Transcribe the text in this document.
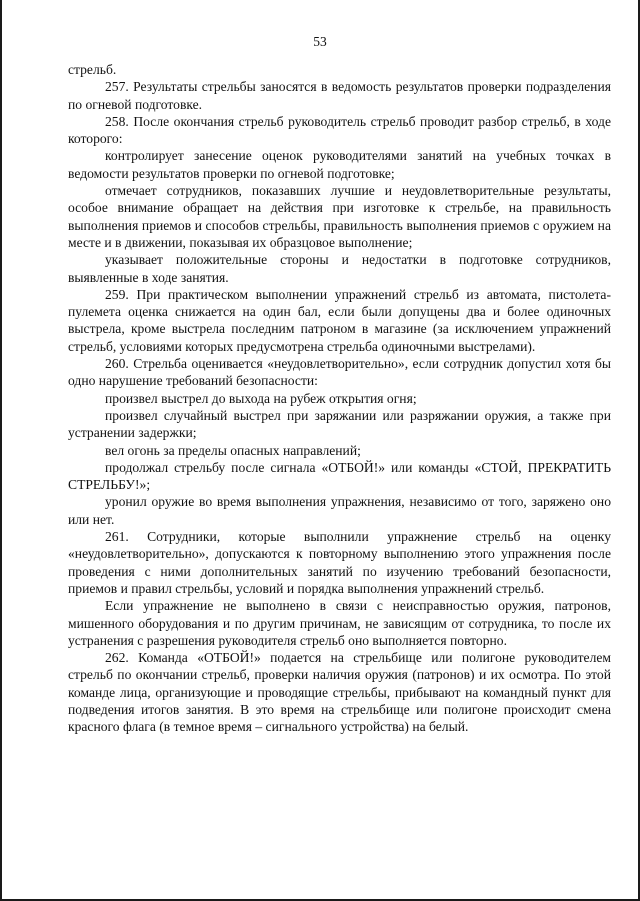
53

стрельб.

257. Результаты стрельбы заносятся в ведомость результатов проверки подразделения по огневой подготовке.

258. После окончания стрельб руководитель стрельб проводит разбор стрельб, в ходе которого:

контролирует занесение оценок руководителями занятий на учебных точках в ведомости результатов проверки по огневой подготовке;

отмечает сотрудников, показавших лучшие и неудовлетворительные результаты, особое внимание обращает на действия при изготовке к стрельбе, на правильность выполнения приемов и способов стрельбы, правильность выполнения приемов с оружием на месте и в движении, показывая их образцовое выполнение;

указывает положительные стороны и недостатки в подготовке сотрудников, выявленные в ходе занятия.

259. При практическом выполнении упражнений стрельб из автомата, пистолета-пулемета оценка снижается на один бал, если были допущены два и более одиночных выстрела, кроме выстрела последним патроном в магазине (за исключением упражнений стрельб, условиями которых предусмотрена стрельба одиночными выстрелами).

260. Стрельба оценивается «неудовлетворительно», если сотрудник допустил хотя бы одно нарушение требований безопасности:

произвел выстрел до выхода на рубеж открытия огня;

произвел случайный выстрел при заряжании или разряжании оружия, а также при устранении задержки;

вел огонь за пределы опасных направлений;

продолжал стрельбу после сигнала «ОТБОЙ!» или команды «СТОЙ, ПРЕКРАТИТЬ СТРЕЛЬБУ!»;

уронил оружие во время выполнения упражнения, независимо от того, заряжено оно или нет.

261. Сотрудники, которые выполнили упражнение стрельб на оценку «неудовлетворительно», допускаются к повторному выполнению этого упражнения после проведения с ними дополнительных занятий по изучению требований безопасности, приемов и правил стрельбы, условий и порядка выполнения упражнений стрельб.

Если упражнение не выполнено в связи с неисправностью оружия, патронов, мишенного оборудования и по другим причинам, не зависящим от сотрудника, то после их устранения с разрешения руководителя стрельб оно выполняется повторно.

262. Команда «ОТБОЙ!» подается на стрельбище или полигоне руководителем стрельб по окончании стрельб, проверки наличия оружия (патронов) и их осмотра. По этой команде лица, организующие и проводящие стрельбы, прибывают на командный пункт для подведения итогов занятия. В это время на стрельбище или полигоне происходит смена красного флага (в темное время – сигнального устройства) на белый.
